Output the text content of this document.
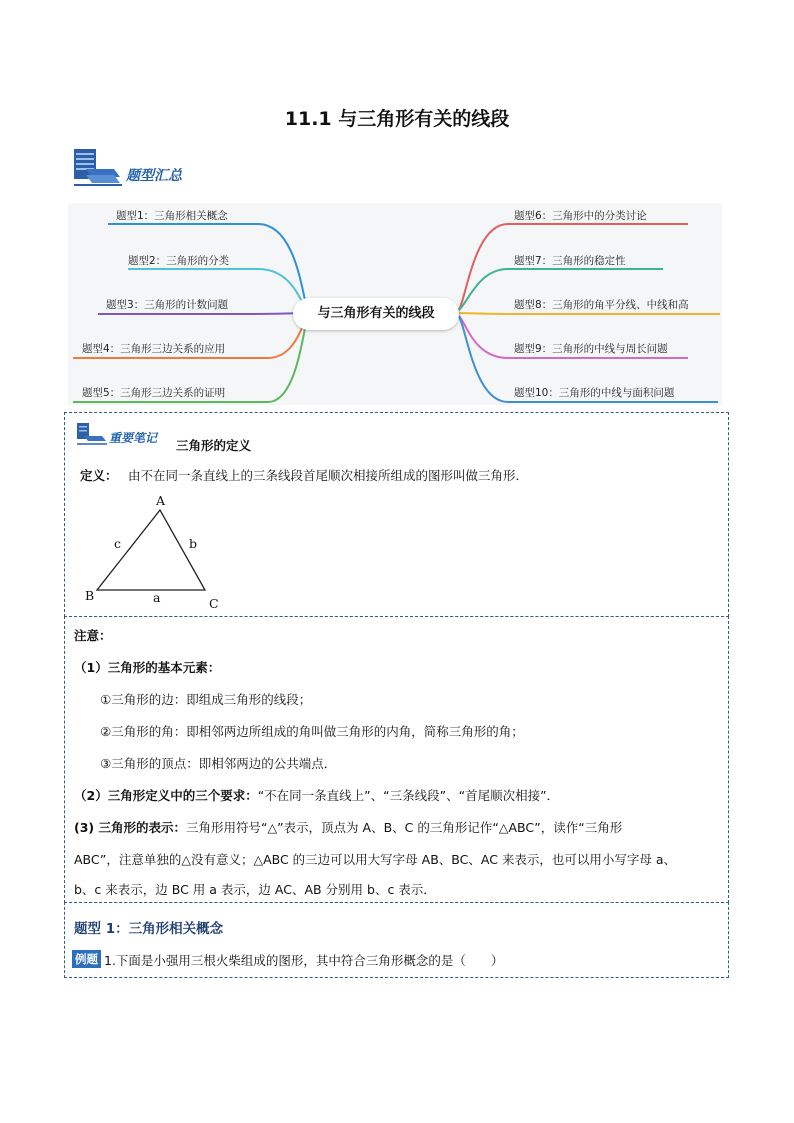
11.1 与三角形有关的线段
题型汇总
题型1：三角形相关概念
题型2：三角形的分类
题型3：三角形的计数问题
题型4：三角形三边关系的应用
题型5：三角形三边关系的证明
题型6：三角形中的分类讨论
题型7：三角形的稳定性
题型8：三角形的角平分线、中线和高
题型9：三角形的中线与周长问题
题型10：三角形的中线与面积问题
与三角形有关的线段
重要笔记 三角形的定义
定义： 由不在同一条直线上的三条线段首尾顺次相接所组成的图形叫做三角形．
A
B
C
c	b
a
注意：
（1）三角形的基本元素：
①三角形的边：即组成三角形的线段；
②三角形的角：即相邻两边所组成的角叫做三角形的内角，简称三角形的角；
③三角形的顶点：即相邻两边的公共端点．
（2）三角形定义中的三个要求：“不在同一条直线上”、“三条线段”、“首尾顺次相接”．
(3) 三角形的表示：三角形用符号“△”表示，顶点为 A、B、C 的三角形记作“△ABC”，读作“三角形
ABC”，注意单独的△没有意义；△ABC 的三边可以用大写字母 AB、BC、AC 来表示，也可以用小写字母 a、
b、c 来表示，边 BC 用 a 表示，边 AC、AB 分别用 b、c 表示．
题型 1：三角形相关概念
例题 1.下面是小强用三根火柴组成的图形，其中符合三角形概念的是（　　）
